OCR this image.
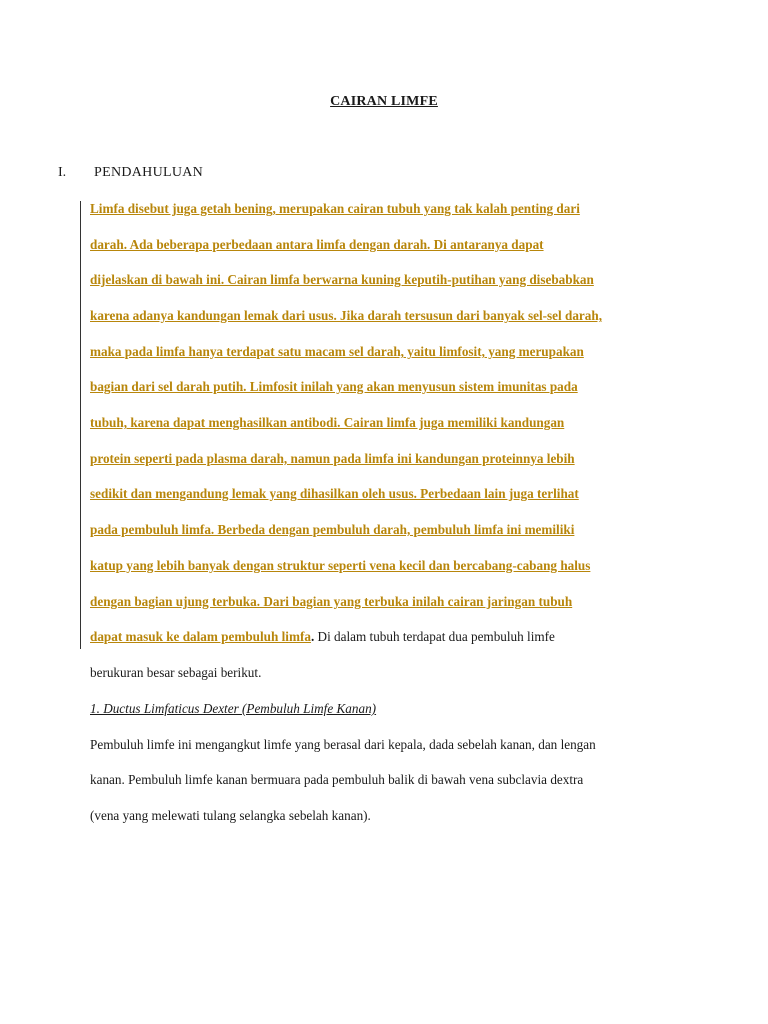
CAIRAN LIMFE
I. PENDAHULUAN
Limfa disebut juga getah bening, merupakan cairan tubuh yang tak kalah penting dari
darah. Ada beberapa perbedaan antara limfa dengan darah. Di antaranya dapat
dijelaskan di bawah ini. Cairan limfa berwarna kuning keputih-putihan yang disebabkan
karena adanya kandungan lemak dari usus. Jika darah tersusun dari banyak sel-sel darah,
maka pada limfa hanya terdapat satu macam sel darah, yaitu limfosit, yang merupakan
bagian dari sel darah putih. Limfosit inilah yang akan menyusun sistem imunitas pada
tubuh, karena dapat menghasilkan antibodi. Cairan limfa juga memiliki kandungan
protein seperti pada plasma darah, namun pada limfa ini kandungan proteinnya lebih
sedikit dan mengandung lemak yang dihasilkan oleh usus. Perbedaan lain juga terlihat
pada pembuluh limfa. Berbeda dengan pembuluh darah, pembuluh limfa ini memiliki
katup yang lebih banyak dengan struktur seperti vena kecil dan bercabang-cabang halus
dengan bagian ujung terbuka. Dari bagian yang terbuka inilah cairan jaringan tubuh
dapat masuk ke dalam pembuluh limfa. Di dalam tubuh terdapat dua pembuluh limfe
berukuran besar sebagai berikut.
1. Ductus Limfaticus Dexter (Pembuluh Limfe Kanan)
Pembuluh limfe ini mengangkut limfe yang berasal dari kepala, dada sebelah kanan, dan lengan
kanan. Pembuluh limfe kanan bermuara pada pembuluh balik di bawah vena subclavia dextra
(vena yang melewati tulang selangka sebelah kanan).
